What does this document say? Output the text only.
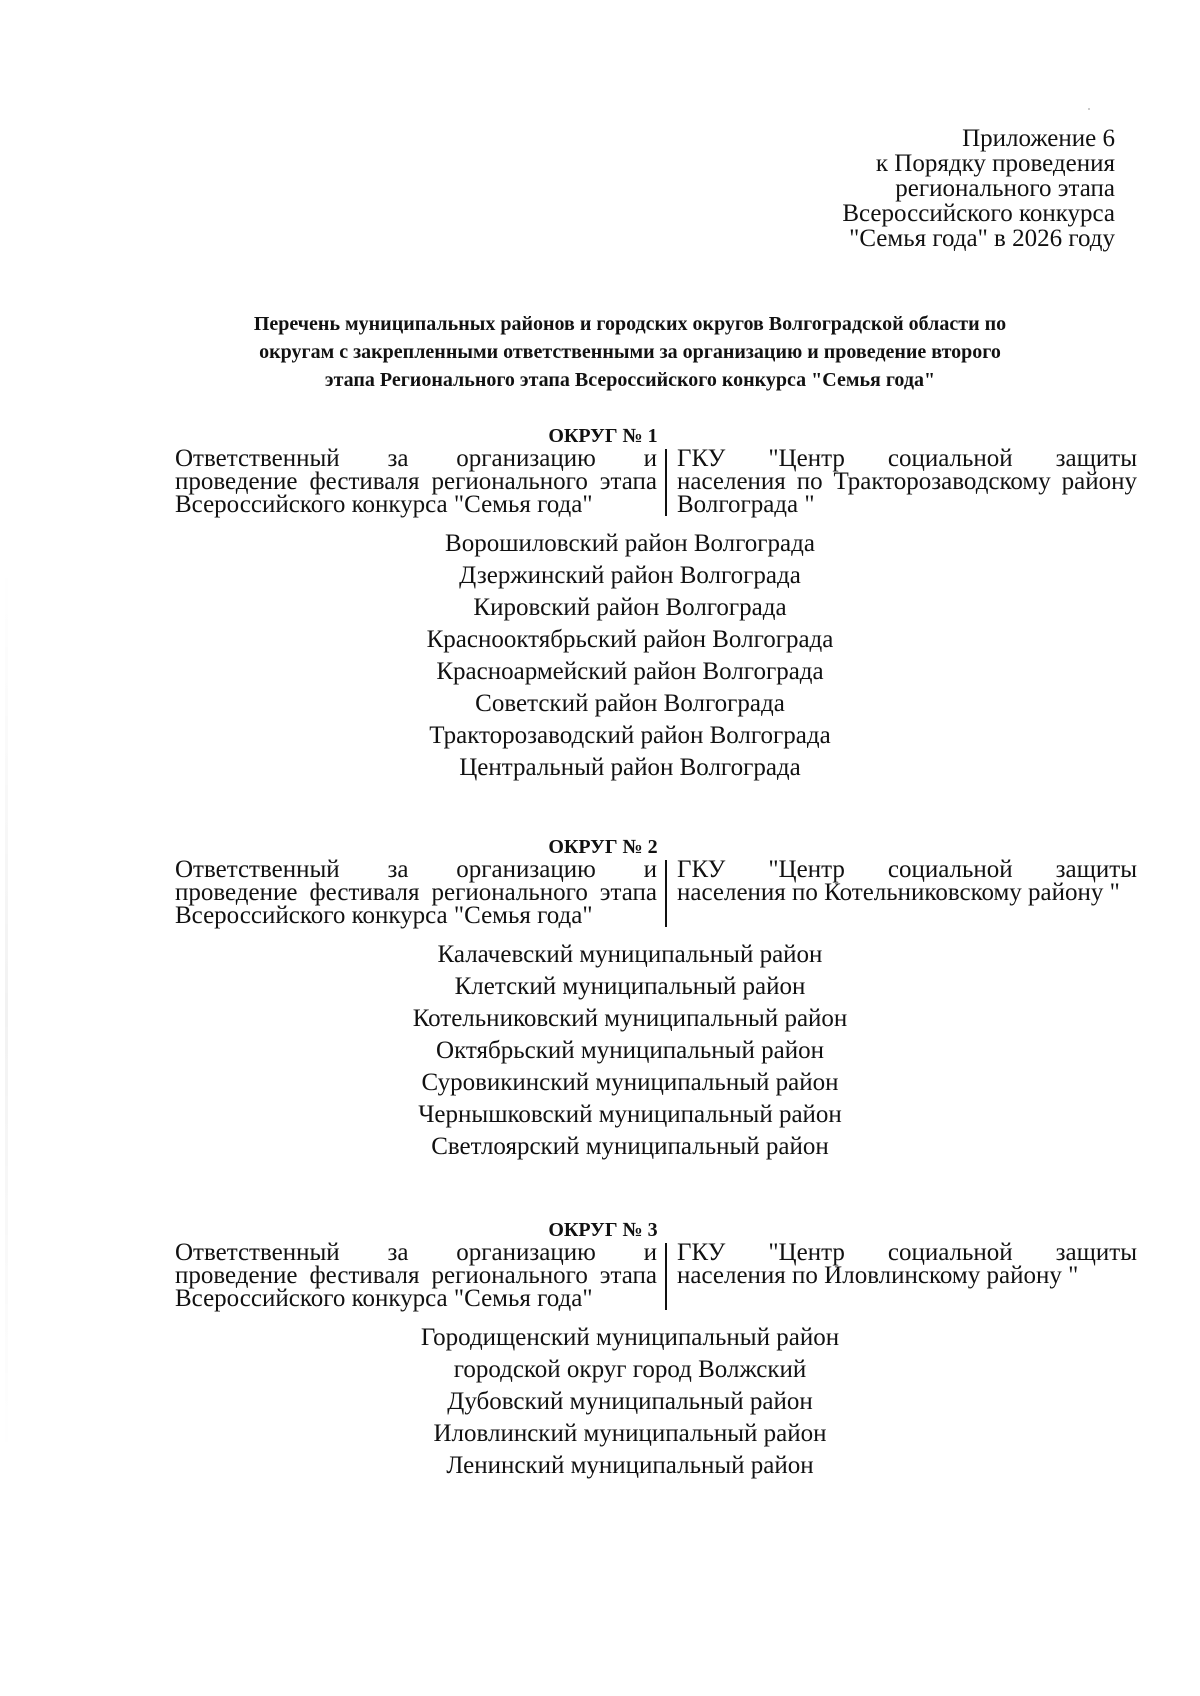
Приложение 6
к Порядку проведения
регионального этапа
Всероссийского конкурса
"Семья года" в 2026 году
Перечень муниципальных районов и городских округов Волгоградской области по
округам с закрепленными ответственными за организацию и проведение второго
этапа Регионального этапа Всероссийского конкурса "Семья года"
ОКРУГ № 1
Ответственный за организацию и проведение фестиваля регионального этапа Всероссийского конкурса "Семья года"
ГКУ "Центр социальной защиты населения по Тракторозаводскому району Волгограда "
Ворошиловский район Волгограда
Дзержинский район Волгограда
Кировский район Волгограда
Краснооктябрьский район Волгограда
Красноармейский район Волгограда
Советский район Волгограда
Тракторозаводский район Волгограда
Центральный район Волгограда
ОКРУГ № 2
Ответственный за организацию и проведение фестиваля регионального этапа Всероссийского конкурса "Семья года"
ГКУ "Центр социальной защиты населения по Котельниковскому району "
Калачевский муниципальный район
Клетский муниципальный район
Котельниковский муниципальный район
Октябрьский муниципальный район
Суровикинский муниципальный район
Чернышковский муниципальный район
Светлоярский муниципальный район
ОКРУГ № 3
Ответственный за организацию и проведение фестиваля регионального этапа Всероссийского конкурса "Семья года"
ГКУ "Центр социальной защиты населения по Иловлинскому району "
Городищенский муниципальный район
городской округ город Волжский
Дубовский муниципальный район
Иловлинский муниципальный район
Ленинский муниципальный район
